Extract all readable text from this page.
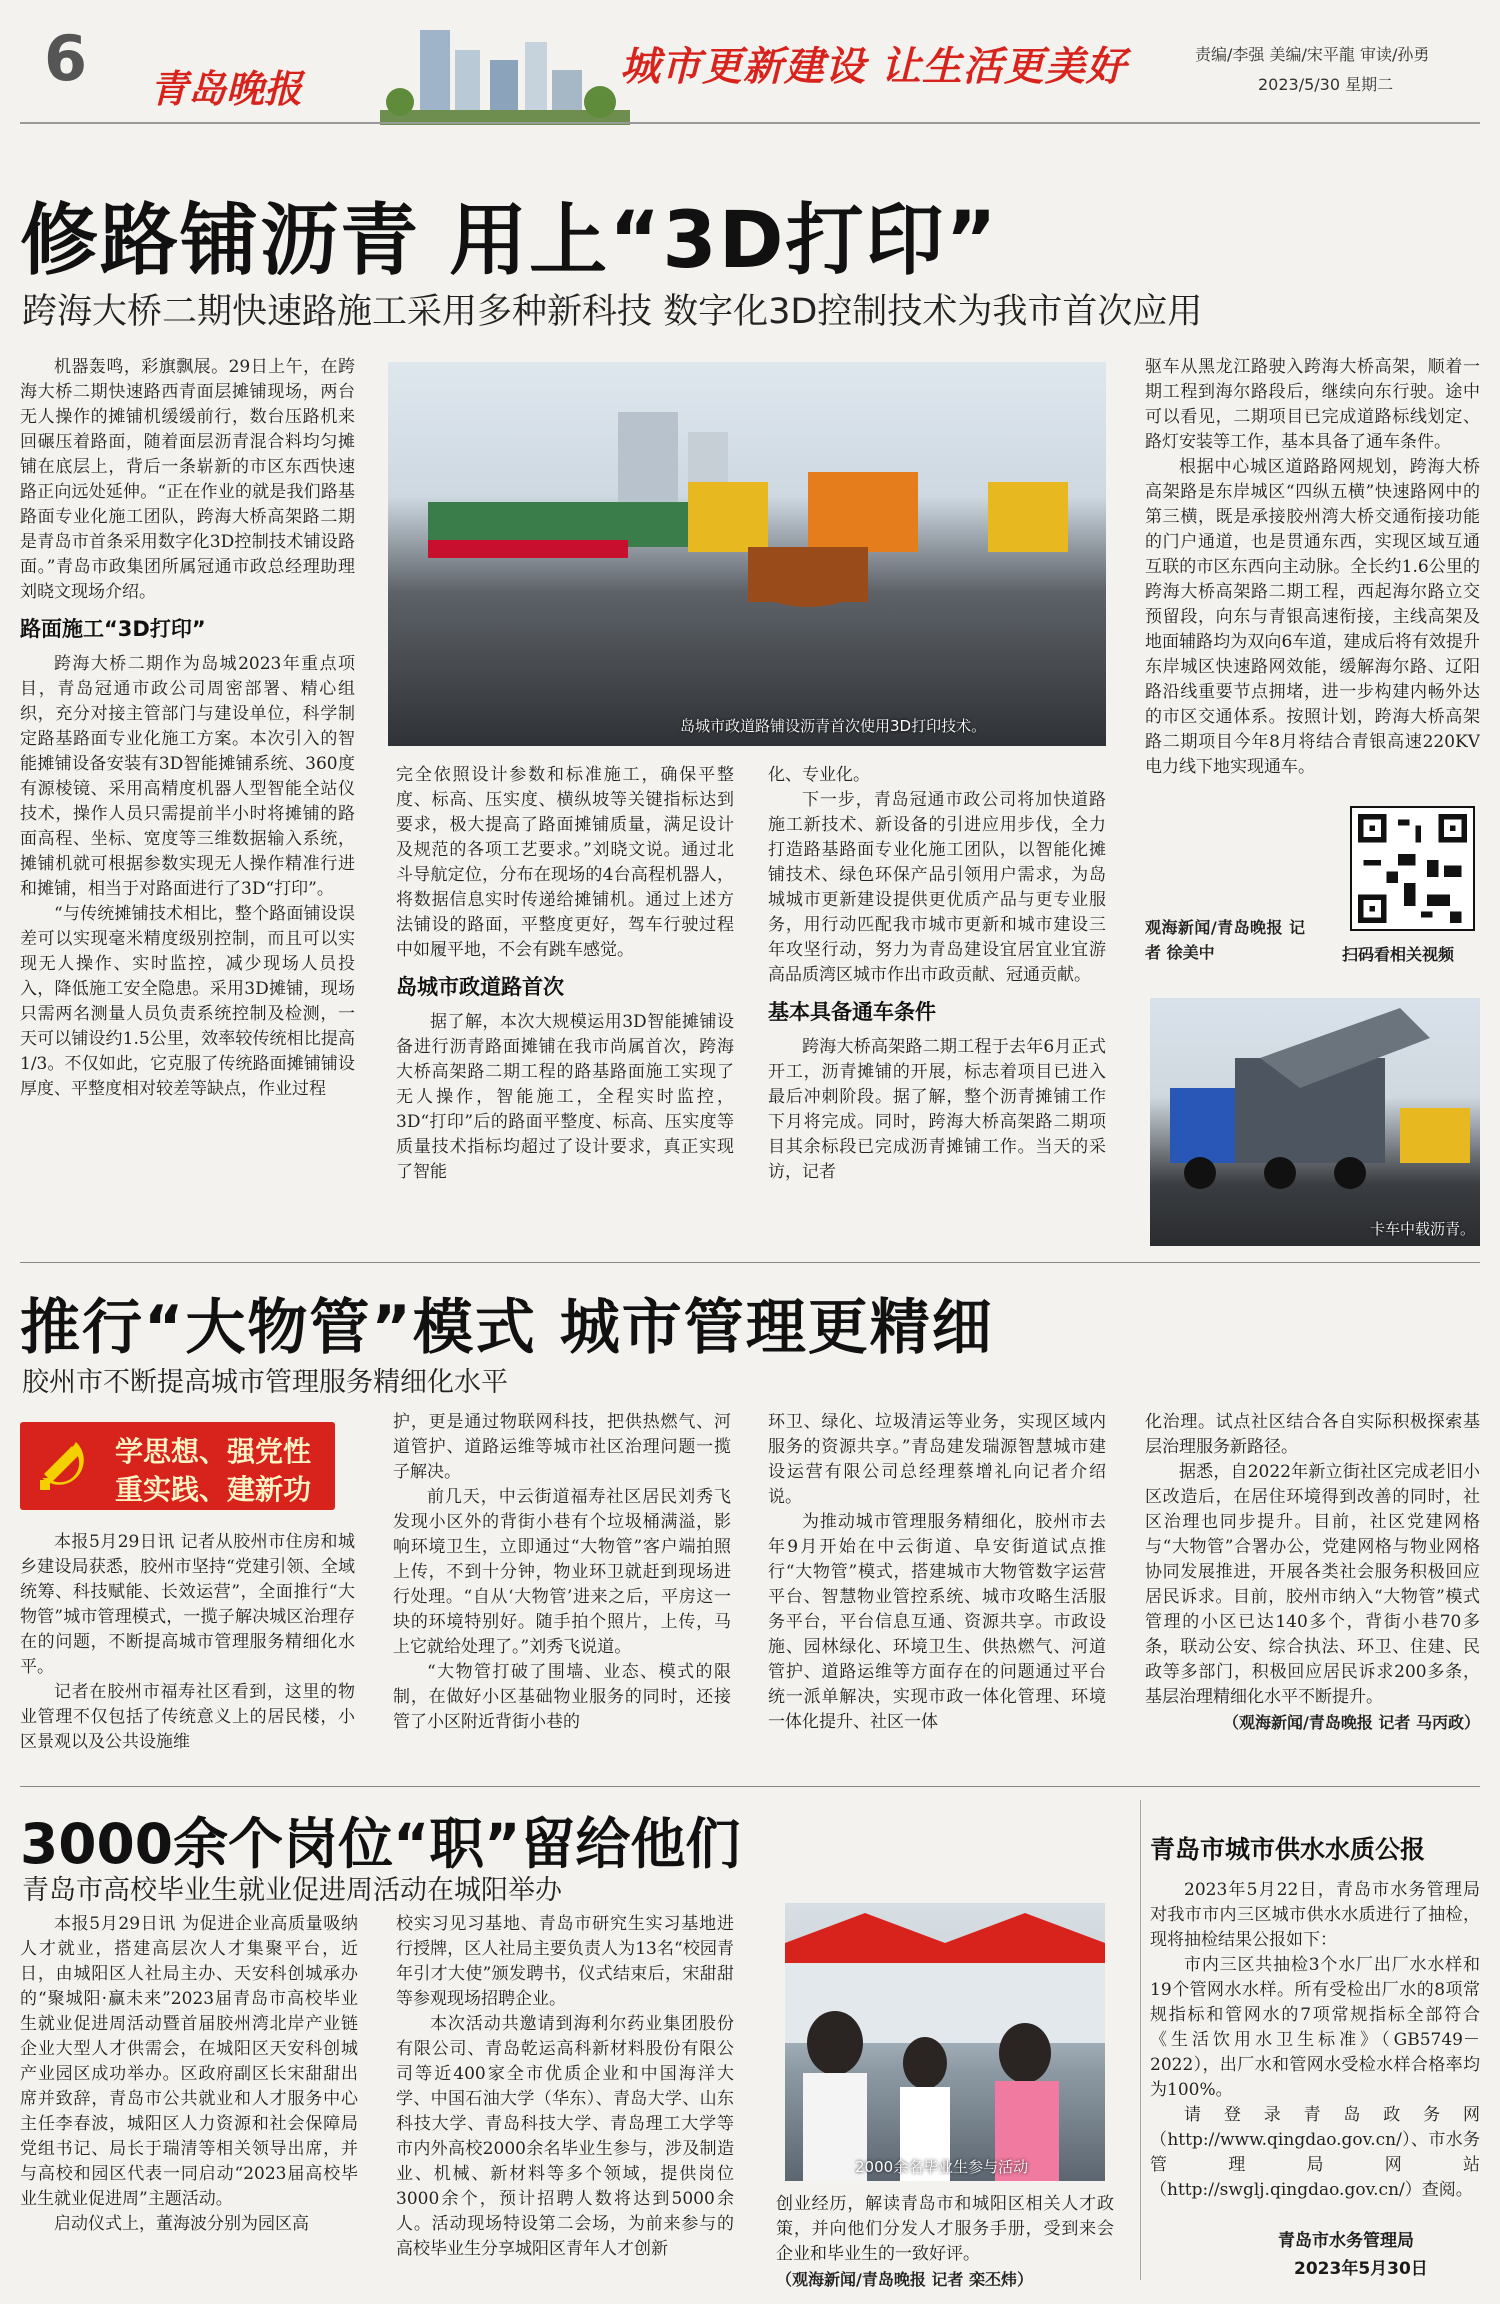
6 青岛晚报	城市更新建设 让生活更美好	责编/李强 美编/宋平龍 审读/孙勇
2023/5/30 星期二
修路铺沥青 用上“3D打印”
跨海大桥二期快速路施工采用多种新科技 数字化3D控制技术为我市首次应用

机器轰鸣，彩旗飘展。29日上午，在跨海大桥二期快速路西青面层摊铺现场，两台无人操作的摊铺机缓缓前行，数台压路机来回碾压着路面，随着面层沥青混合料均匀摊铺在底层上，背后一条崭新的市区东西快速路正向远处延伸。“正在作业的就是我们路基路面专业化施工团队，跨海大桥高架路二期是青岛市首条采用数字化3D控制技术铺设路面。”青岛市政集团所属冠通市政总经理助理刘晓文现场介绍。

路面施工“3D打印”

跨海大桥二期作为岛城2023年重点项目，青岛冠通市政公司周密部署、精心组织，充分对接主管部门与建设单位，科学制定路基路面专业化施工方案。本次引入的智能摊铺设备安装有3D智能摊铺系统、360度有源棱镜、采用高精度机器人型智能全站仪技术，操作人员只需提前半小时将摊铺的路面高程、坐标、宽度等三维数据输入系统，摊铺机就可根据参数实现无人操作精准行进和摊铺，相当于对路面进行了3D“打印”。

“与传统摊铺技术相比，整个路面铺设误差可以实现毫米精度级别控制，而且可以实现无人操作、实时监控，减少现场人员投入，降低施工安全隐患。采用3D摊铺，现场只需两名测量人员负责系统控制及检测，一天可以铺设约1.5公里，效率较传统相比提高1/3。不仅如此，它克服了传统路面摊铺铺设厚度、平整度相对较差等缺点，作业过程

岛城市政道路铺设沥青首次使用3D打印技术。

完全依照设计参数和标准施工，确保平整度、标高、压实度、横纵坡等关键指标达到要求，极大提高了路面摊铺质量，满足设计及规范的各项工艺要求。”刘晓文说。通过北斗导航定位，分布在现场的4台高程机器人，将数据信息实时传递给摊铺机。通过上述方法铺设的路面，平整度更好，驾车行驶过程中如履平地，不会有跳车感觉。

岛城市政道路首次

据了解，本次大规模运用3D智能摊铺设备进行沥青路面摊铺在我市尚属首次，跨海大桥高架路二期工程的路基路面施工实现了无人操作，智能施工，全程实时监控，3D“打印”后的路面平整度、标高、压实度等质量技术指标均超过了设计要求，真正实现了智能

化、专业化。

下一步，青岛冠通市政公司将加快道路施工新技术、新设备的引进应用步伐，全力打造路基路面专业化施工团队，以智能化摊铺技术、绿色环保产品引领用户需求，为岛城城市更新建设提供更优质产品与更专业服务，用行动匹配我市城市更新和城市建设三年攻坚行动，努力为青岛建设宜居宜业宜游高品质湾区城市作出市政贡献、冠通贡献。

基本具备通车条件

跨海大桥高架路二期工程于去年6月正式开工，沥青摊铺的开展，标志着项目已进入最后冲刺阶段。据了解，整个沥青摊铺工作下月将完成。同时，跨海大桥高架路二期项目其余标段已完成沥青摊铺工作。当天的采访，记者

驱车从黑龙江路驶入跨海大桥高架，顺着一期工程到海尔路段后，继续向东行驶。途中可以看见，二期项目已完成道路标线划定、路灯安装等工作，基本具备了通车条件。

根据中心城区道路路网规划，跨海大桥高架路是东岸城区“四纵五横”快速路网中的第三横，既是承接胶州湾大桥交通衔接功能的门户通道，也是贯通东西，实现区域互通互联的市区东西向主动脉。全长约1.6公里的跨海大桥高架路二期工程，西起海尔路立交预留段，向东与青银高速衔接，主线高架及地面辅路均为双向6车道，建成后将有效提升东岸城区快速路网效能，缓解海尔路、辽阳路沿线重要节点拥堵，进一步构建内畅外达的市区交通体系。按照计划，跨海大桥高架路二期项目今年8月将结合青银高速220KV电力线下地实现通车。

观海新闻/青岛晚报 记者 徐美中	扫码看相关视频
卡车中载沥青。
推行“大物管”模式 城市管理更精细
胶州市不断提高城市管理服务精细化水平
学思想、强党性
重实践、建新功

本报5月29日讯 记者从胶州市住房和城乡建设局获悉，胶州市坚持“党建引领、全域统筹、科技赋能、长效运营”，全面推行“大物管”城市管理模式，一揽子解决城区治理存在的问题，不断提高城市管理服务精细化水平。

记者在胶州市福寿社区看到，这里的物业管理不仅包括了传统意义上的居民楼，小区景观以及公共设施维

护，更是通过物联网科技，把供热燃气、河道管护、道路运维等城市社区治理问题一揽子解决。

前几天，中云街道福寿社区居民刘秀飞发现小区外的背街小巷有个垃圾桶满溢，影响环境卫生，立即通过“大物管”客户端拍照上传，不到十分钟，物业环卫就赶到现场进行处理。“自从‘大物管’进来之后，平房这一块的环境特别好。随手拍个照片，上传，马上它就给处理了。”刘秀飞说道。

“大物管打破了围墙、业态、模式的限制，在做好小区基础物业服务的同时，还接管了小区附近背街小巷的

环卫、绿化、垃圾清运等业务，实现区域内服务的资源共享。”青岛建发瑞源智慧城市建设运营有限公司总经理蔡增礼向记者介绍说。

为推动城市管理服务精细化，胶州市去年9月开始在中云街道、阜安街道试点推行“大物管”模式，搭建城市大物管数字运营平台、智慧物业管控系统、城市攻略生活服务平台，平台信息互通、资源共享。市政设施、园林绿化、环境卫生、供热燃气、河道管护、道路运维等方面存在的问题通过平台统一派单解决，实现市政一体化管理、环境一体化提升、社区一体

化治理。试点社区结合各自实际积极探索基层治理服务新路径。

据悉，自2022年新立街社区完成老旧小区改造后，在居住环境得到改善的同时，社区治理也同步提升。目前，社区党建网格与“大物管”合署办公，党建网格与物业网格协同发展推进，开展各类社会服务积极回应居民诉求。目前，胶州市纳入“大物管”模式管理的小区已达140多个，背街小巷70多条，联动公安、综合执法、环卫、住建、民政等多部门，积极回应居民诉求200多条，基层治理精细化水平不断提升。

（观海新闻/青岛晚报 记者 马丙政）

3000余个岗位“职”留给他们
青岛市高校毕业生就业促进周活动在城阳举办

本报5月29日讯 为促进企业高质量吸纳人才就业，搭建高层次人才集聚平台，近日，由城阳区人社局主办、天安科创城承办的“聚城阳·赢未来”2023届青岛市高校毕业生就业促进周活动暨首届胶州湾北岸产业链企业大型人才供需会，在城阳区天安科创城产业园区成功举办。区政府副区长宋甜甜出席并致辞，青岛市公共就业和人才服务中心主任李春波，城阳区人力资源和社会保障局党组书记、局长于瑞清等相关领导出席，并与高校和园区代表一同启动“2023届高校毕业生就业促进周”主题活动。

启动仪式上，董海波分别为园区高

校实习见习基地、青岛市研究生实习基地进行授牌，区人社局主要负责人为13名“校园青年引才大使”颁发聘书，仪式结束后，宋甜甜等参观现场招聘企业。

本次活动共邀请到海利尔药业集团股份有限公司、青岛乾运高科新材料股份有限公司等近400家全市优质企业和中国海洋大学、中国石油大学（华东）、青岛大学、山东科技大学、青岛科技大学、青岛理工大学等市内外高校2000余名毕业生参与，涉及制造业、机械、新材料等多个领域，提供岗位3000余个，预计招聘人数将达到5000余人。活动现场特设第二会场，为前来参与的高校毕业生分享城阳区青年人才创新

2000余名毕业生参与活动

创业经历，解读青岛市和城阳区相关人才政策，并向他们分发人才服务手册，受到来会企业和毕业生的一致好评。

（观海新闻/青岛晚报 记者 栾丕炜）

青岛市城市供水水质公报

2023年5月22日，青岛市水务管理局对我市市内三区城市供水水质进行了抽检，现将抽检结果公报如下：

市内三区共抽检3个水厂出厂水水样和19个管网水水样。所有受检出厂水的8项常规指标和管网水的7项常规指标全部符合《生活饮用水卫生标准》（GB5749－2022），出厂水和管网水受检水样合格率均为100%。

请登录青岛政务网（http://www.qingdao.gov.cn/）、市水务管理局网站（http://swglj.qingdao.gov.cn/）查阅。

青岛市水务管理局
2023年5月30日
